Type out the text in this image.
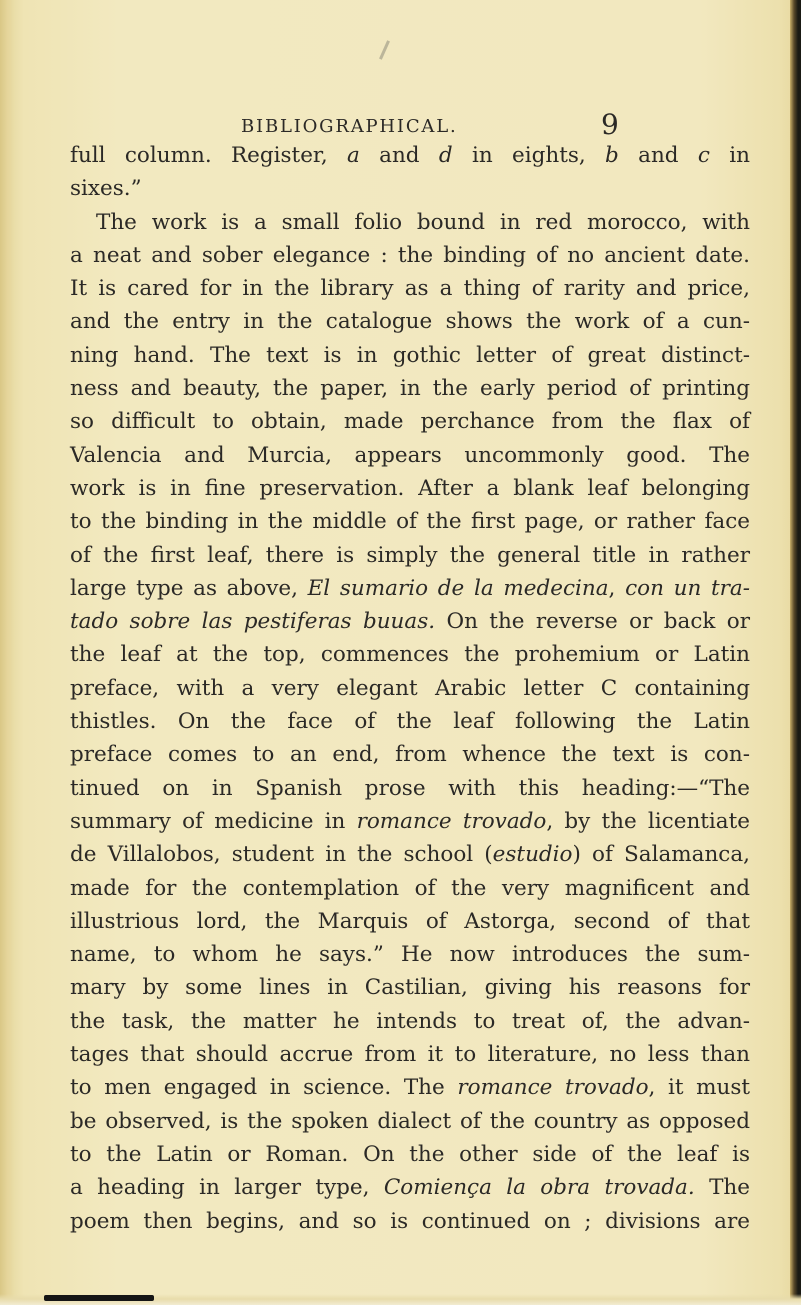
BIBLIOGRAPHICAL.	9
full column. Register, a and d in eights, b and c in
sixes.”
The work is a small folio bound in red morocco, with
a neat and sober elegance : the binding of no ancient date.
It is cared for in the library as a thing of rarity and price,
and the entry in the catalogue shows the work of a cun-
ning hand. The text is in gothic letter of great distinct-
ness and beauty, the paper, in the early period of printing
so difficult to obtain, made perchance from the flax of
Valencia and Murcia, appears uncommonly good. The
work is in fine preservation. After a blank leaf belonging
to the binding in the middle of the first page, or rather face
of the first leaf, there is simply the general title in rather
large type as above, El sumario de la medecina, con un tra-
tado sobre las pestiferas buuas. On the reverse or back or
the leaf at the top, commences the prohemium or Latin
preface, with a very elegant Arabic letter C containing
thistles. On the face of the leaf following the Latin
preface comes to an end, from whence the text is con-
tinued on in Spanish prose with this heading:—“The
summary of medicine in romance trovado, by the licentiate
de Villalobos, student in the school (estudio) of Salamanca,
made for the contemplation of the very magnificent and
illustrious lord, the Marquis of Astorga, second of that
name, to whom he says.” He now introduces the sum-
mary by some lines in Castilian, giving his reasons for
the task, the matter he intends to treat of, the advan-
tages that should accrue from it to literature, no less than
to men engaged in science. The romance trovado, it must
be observed, is the spoken dialect of the country as opposed
to the Latin or Roman. On the other side of the leaf is
a heading in larger type, Comiença la obra trovada. The
poem then begins, and so is continued on ; divisions are
